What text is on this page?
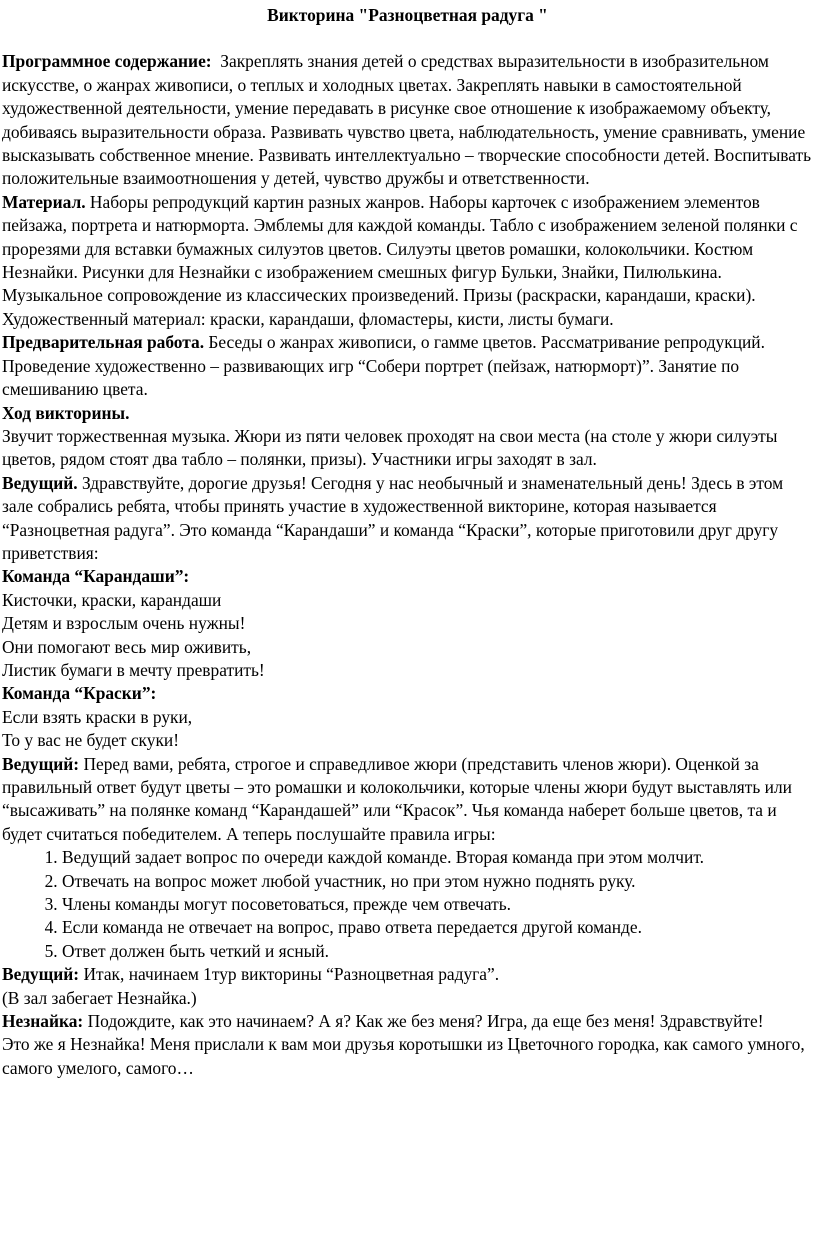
Викторина "Разноцветная радуга "

Программное содержание:  Закреплять знания детей о средствах выразительности в изобразительном искусстве, о жанрах живописи, о теплых и холодных цветах. Закреплять навыки в самостоятельной художественной деятельности, умение передавать в рисунке свое отношение к изображаемому объекту, добиваясь выразительности образа. Развивать чувство цвета, наблюдательность, умение сравнивать, умение высказывать собственное мнение. Развивать интеллектуально – творческие способности детей. Воспитывать положительные взаимоотношения у детей, чувство дружбы и ответственности.

Материал. Наборы репродукций картин разных жанров. Наборы карточек с изображением элементов пейзажа, портрета и натюрморта. Эмблемы для каждой команды. Табло с изображением зеленой полянки с прорезями для вставки бумажных силуэтов цветов. Силуэты цветов ромашки, колокольчики. Костюм Незнайки. Рисунки для Незнайки с изображением смешных фигур Бульки, Знайки, Пилюлькина. Музыкальное сопровождение из классических произведений. Призы (раскраски, карандаши, краски). Художественный материал: краски, карандаши, фломастеры, кисти, листы бумаги.

Предварительная работа. Беседы о жанрах живописи, о гамме цветов. Рассматривание репродукций. Проведение художественно – развивающих игр “Собери портрет (пейзаж, натюрморт)”. Занятие по смешиванию цвета.

Ход викторины.

Звучит торжественная музыка. Жюри из пяти человек проходят на свои места (на столе у жюри силуэты цветов, рядом стоят два табло – полянки, призы). Участники игры заходят в зал.

Ведущий. Здравствуйте, дорогие друзья! Сегодня у нас необычный и знаменательный день! Здесь в этом зале собрались ребята, чтобы принять участие в художественной викторине, которая называется “Разноцветная радуга”. Это команда “Карандаши” и команда “Краски”, которые приготовили друг другу приветствия:

Команда “Карандаши”:

Кисточки, краски, карандаши

Детям и взрослым очень нужны!

Они помогают весь мир оживить,

Листик бумаги в мечту превратить!

Команда “Краски”:

Если взять краски в руки,

То у вас не будет скуки!

Ведущий: Перед вами, ребята, строгое и справедливое жюри (представить членов жюри). Оценкой за правильный ответ будут цветы – это ромашки и колокольчики, которые члены жюри будут выставлять или “высаживать” на полянке команд “Карандашей” или “Красок”. Чья команда наберет больше цветов, та и будет считаться победителем. А теперь послушайте правила игры:

1. Ведущий задает вопрос по очереди каждой команде. Вторая команда при этом молчит.
2. Отвечать на вопрос может любой участник, но при этом нужно поднять руку.
3. Члены команды могут посоветоваться, прежде чем отвечать.
4. Если команда не отвечает на вопрос, право ответа передается другой команде.
5. Ответ должен быть четкий и ясный.

Ведущий: Итак, начинаем 1тур викторины “Разноцветная радуга”.

(В зал забегает Незнайка.)

Незнайка: Подождите, как это начинаем? А я? Как же без меня? Игра, да еще без меня! Здравствуйте!

Это же я Незнайка! Меня прислали к вам мои друзья коротышки из Цветочного городка, как самого умного, самого умелого, самого…
